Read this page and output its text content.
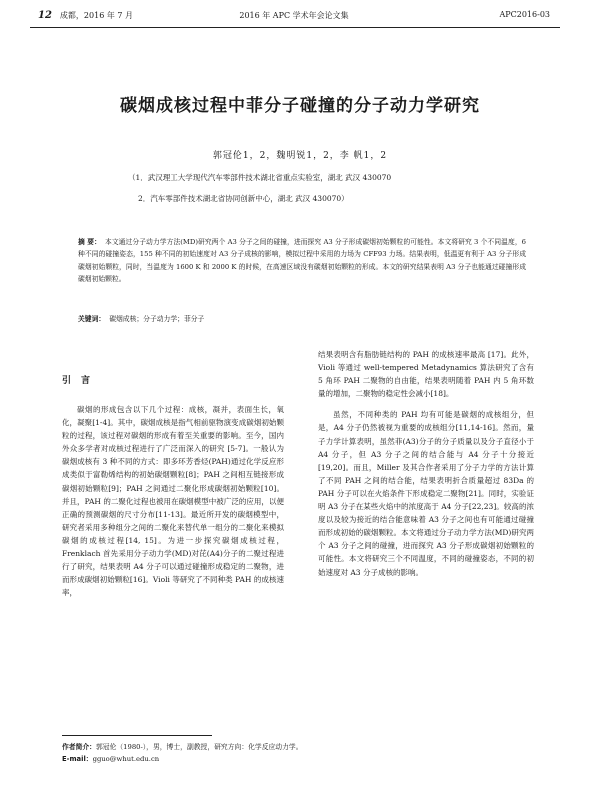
12 成都，2016 年 7 月	2016 年 APC 学术年会论文集	APC2016-03
碳烟成核过程中菲分子碰撞的分子动力学研究
郭冠伦1，2，魏明锐1，2，李 帆1，2
（1．武汉理工大学现代汽车零部件技术湖北省重点实验室，湖北 武汉 430070
2．汽车零部件技术湖北省协同创新中心，湖北 武汉 430070）
摘 要： 本文通过分子动力学方法(MD)研究两个 A3 分子之间的碰撞，进而探究 A3 分子形成碳烟初始颗粒的可能性。本文将研究 3 个不同温度，6 种不同的碰撞姿态，155 种不同的初始速度对 A3 分子成核的影响，模拟过程中采用的力场为 CFF93 力场。结果表明，低温更有利于 A3 分子形成碳烟初始颗粒，同时，当温度为 1600 K 和 2000 K 的时候，在高速区域没有碳烟初始颗粒的形成。本文的研究结果表明 A3 分子也能通过碰撞形成碳烟初始颗粒。
关键词： 碳烟成核；分子动力学；菲分子
引 言

碳烟的形成包含以下几个过程：成核，凝并，表面生长，氧化，凝聚[1-4]。其中，碳烟成核是指气相前驱物演变成碳烟初始颗粒的过程，该过程对碳烟的形成有着至关重要的影响。至今，国内外众多学者对成核过程进行了广泛而深入的研究 [5-7]。一般认为碳烟成核有 3 种不同的方式：即多环芳香烃(PAH)通过化学反应形成类似于富勒烯结构的初始碳烟颗粒[8]；PAH 之间相互链接形成碳烟初始颗粒[9]；PAH 之间通过二聚化形成碳烟初始颗粒[10]。并且，PAH 的二聚化过程也被用在碳烟模型中被广泛的应用，以便正确的预测碳烟的尺寸分布[11-13]。最近所开发的碳烟模型中，研究者采用多种组分之间的二聚化来替代单一组分的二聚化来模拟碳烟的成核过程[14, 15]。为进一步探究碳烟成核过程，Frenklach 首先采用分子动力学(MD)对芘(A4)分子的二聚过程进行了研究，结果表明 A4 分子可以通过碰撞形成稳定的二聚物，进而形成碳烟初始颗粒[16]。Violi 等研究了不同种类 PAH 的成核速率，

结果表明含有脂肪链结构的 PAH 的成核速率最高 [17]。此外，Violi 等通过 well-tempered Metadynamics 算法研究了含有 5 角环 PAH 二聚物的自由能，结果表明随着 PAH 内 5 角环数量的增加，二聚物的稳定性会减小[18]。

虽然，不同种类的 PAH 均有可能是碳烟的成核组分，但是，A4 分子仍然被视为重要的成核组分[11,14-16]。然而，量子力学计算表明，虽然菲(A3)分子的分子质量以及分子直径小于 A4 分子，但 A3 分子之间的结合能与 A4 分子十分接近[19,20]。而且，Miller 及其合作者采用了分子力学的方法计算了不同 PAH 之间的结合能，结果表明折合质量超过 83Da 的 PAH 分子可以在火焰条件下形成稳定二聚物[21]。同时，实验证明 A3 分子在某些火焰中的浓度高于 A4 分子[22,23]。较高的浓度以及较为接近的结合能意味着 A3 分子之间也有可能通过碰撞而形成初始的碳烟颗粒。本文将通过分子动力学方法(MD)研究两个 A3 分子之间的碰撞，进而探究 A3 分子形成碳烟初始颗粒的可能性。本文将研究三个不同温度，不同的碰撞姿态，不同的初始速度对 A3 分子成核的影响。

作者简介：郭冠伦（1980-），男，博士，副教授，研究方向：化学反应动力学。
E-mail：gguo@whut.edu.cn
